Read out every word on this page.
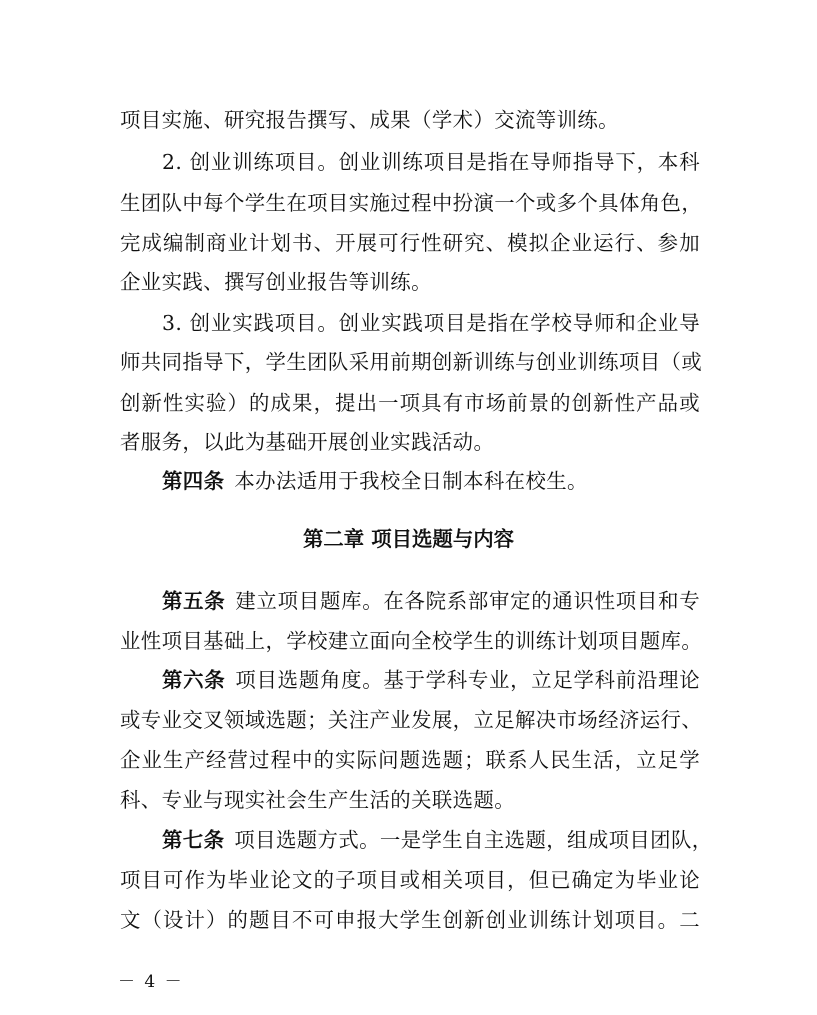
项目实施、研究报告撰写、成果（学术）交流等训练。
2. 创业训练项目。创业训练项目是指在导师指导下，本科
生团队中每个学生在项目实施过程中扮演一个或多个具体角色，
完成编制商业计划书、开展可行性研究、模拟企业运行、参加
企业实践、撰写创业报告等训练。
3. 创业实践项目。创业实践项目是指在学校导师和企业导
师共同指导下，学生团队采用前期创新训练与创业训练项目（或
创新性实验）的成果，提出一项具有市场前景的创新性产品或
者服务，以此为基础开展创业实践活动。
第四条 本办法适用于我校全日制本科在校生。
第二章 项目选题与内容
第五条 建立项目题库。在各院系部审定的通识性项目和专
业性项目基础上，学校建立面向全校学生的训练计划项目题库。
第六条 项目选题角度。基于学科专业，立足学科前沿理论
或专业交叉领域选题；关注产业发展，立足解决市场经济运行、
企业生产经营过程中的实际问题选题；联系人民生活，立足学
科、专业与现实社会生产生活的关联选题。
第七条 项目选题方式。一是学生自主选题，组成项目团队，
项目可作为毕业论文的子项目或相关项目，但已确定为毕业论
文（设计）的题目不可申报大学生创新创业训练计划项目。二
－ 4 －
